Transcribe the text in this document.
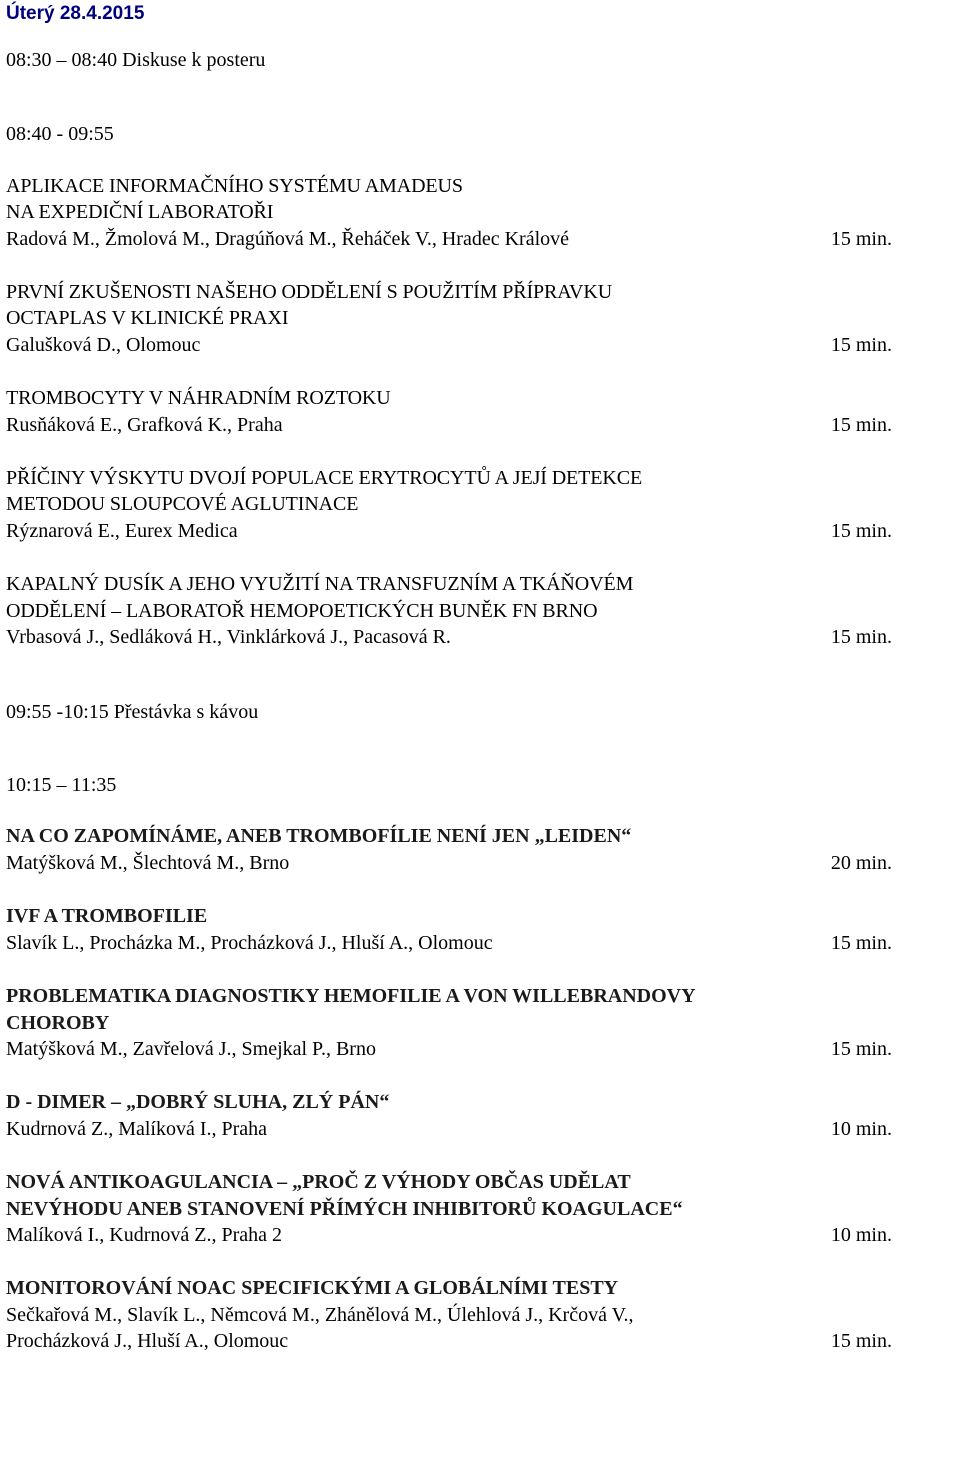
Úterý 28.4.2015
08:30 – 08:40 Diskuse k posteru
08:40 - 09:55
APLIKACE INFORMAČNÍHO SYSTÉMU AMADEUS
NA EXPEDIČNÍ LABORATOŘI
Radová M., Žmolová M., Dragúňová M., Řeháček V., Hradec Králové	15 min.
PRVNÍ ZKUŠENOSTI NAŠEHO ODDĚLENÍ S POUŽITÍM PŘÍPRAVKU
OCTAPLAS V KLINICKÉ PRAXI
Galušková D., Olomouc	15 min.
TROMBOCYTY V NÁHRADNÍM ROZTOKU
Rusňáková E., Grafková K., Praha	15 min.
PŘÍČINY VÝSKYTU DVOJÍ POPULACE ERYTROCYTŮ A JEJÍ DETEKCE
METODOU SLOUPCOVÉ AGLUTINACE
Rýznarová E., Eurex Medica	15 min.
KAPALNÝ DUSÍK A JEHO VYUŽITÍ NA TRANSFUZNÍM A TKÁŇOVÉM
ODDĚLENÍ – LABORATOŘ HEMOPOETICKÝCH BUNĚK FN BRNO
Vrbasová J., Sedláková H., Vinklárková J., Pacasová R.	15 min.
09:55 -10:15 Přestávka s kávou
10:15 – 11:35
NA CO ZAPOMÍNÁME, ANEB TROMBOFÍLIE NENÍ JEN „LEIDEN“
Matýšková M., Šlechtová M., Brno	20 min.
IVF A TROMBOFILIE
Slavík L., Procházka M., Procházková J., Hluší A., Olomouc	15 min.
PROBLEMATIKA DIAGNOSTIKY HEMOFILIE A VON WILLEBRANDOVY
CHOROBY
Matýšková M., Zavřelová J., Smejkal P., Brno	15 min.
D - DIMER – „DOBRÝ SLUHA, ZLÝ PÁN“
Kudrnová Z., Malíková I., Praha	10 min.
NOVÁ ANTIKOAGULANCIA – „PROČ Z VÝHODY OBČAS UDĚLAT
NEVÝHODU ANEB STANOVENÍ PŘÍMÝCH INHIBITORŮ KOAGULACE“
Malíková I., Kudrnová Z., Praha 2	10 min.
MONITOROVÁNÍ NOAC SPECIFICKÝMI A GLOBÁLNÍMI TESTY
Sečkařová M., Slavík L., Němcová M., Zhánělová M., Úlehlová J., Krčová V.,
Procházková J., Hluší A., Olomouc	15 min.
